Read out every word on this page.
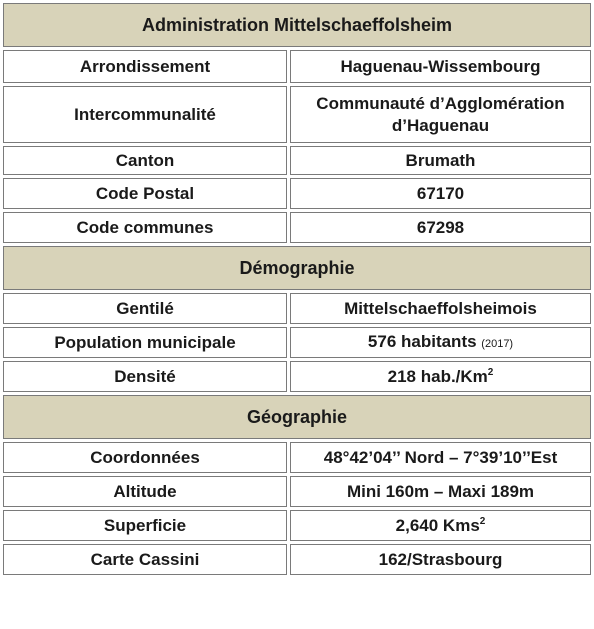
Administration Mittelschaeffolsheim	
Arrondissement	Haguenau-Wissembourg
Intercommunalité	Communauté d’Agglomération d’Haguenau
Canton	Brumath
Code Postal	67170
Code communes	67298
Démographie	
Gentilé	Mittelschaeffolsheimois
Population municipale	576 habitants (2017)
Densité	218 hab./Km$^2$
Géographie	
Coordonnées	48°42’04’’ Nord – 7°39’10’’Est
Altitude	Mini 160m – Maxi 189m
Superficie	2,640 Kms$^2$
Carte Cassini	162/Strasbourg
